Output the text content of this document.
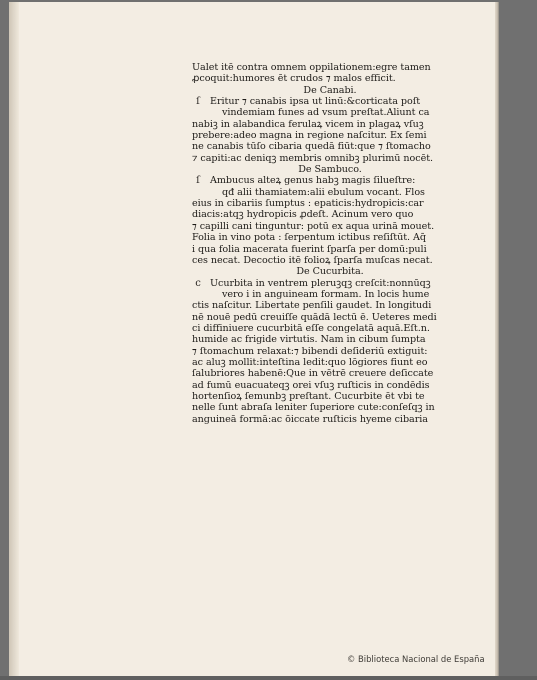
Ualet itē contra omnem oppilationem:egre tamen
ꝓcoquit:humores ēt crudos ⁊ malos efficit.
De Canabi.
ſ Eritur ⁊ canabis ipsa ut linū:&corticata poſt
vindemiam funes ad vsum preſtat.Aliunt ca
nabiꝫ in alabandica ferulaꝝ vicem in plagaꝝ vſuꝫ
prebere:adeo magna in regione naſcitur. Ex ſemi
ne canabis tūſo cibaria quedā fiūt:que ⁊ ſtomacho
⁊ capiti:ac deniqꝫ membris omnibꝫ plurimū nocēt.
De Sambuco.
ſ Ambucus alteꝝ genus habꝫ magis ſilueſtre:
qđ alii thamiatem:alii ebulum vocant. Flos
eius in cibariis ſumptus : epaticis:hydropicis:car
diacis:atqꝫ hydropicis ꝓdeſt. Acinum vero quo
⁊ capilli cani tinguntur: potū ex aqua urinā mouet.
Folia in vino pota : ſerpentum ictibus reſiſtūt. Aq̄
i qua folia macerata fuerint ſparſa per domū:puli
ces necat. Decoctio itē folioꝝ ſparſa muſcas necat.
De Cucurbita.
c Ucurbita in ventrem pleruꝫqꝫ creſcit:nonnūqꝫ
vero i in anguineam formam. In locis hume
ctis naſcitur. Libertate penſili gaudet. In longitudi
nē nouē pedū creuiſſe quādā lectū ē. Ueteres medi
ci diffiniuere cucurbitā eſſe congelatā aquā.Eſt.n.
humide ac frigide virtutis. Nam in cibum ſumpta
⁊ ſtomachum relaxat:⁊ bibendi deſideriū extiguit:
ac aluꝫ mollit:inteſtina ledit:quo lōgiores fiunt eo
ſalubriores habenē:Que in vētrē creuere deſiccate
ad fumū euacuateqꝫ orei vſuꝫ ruſticis in condēdis
hortenſioꝝ ſemunbꝫ preſtant. Cucurbite ēt vbi te
nelle ſunt abraſa leniter ſuperiore cute:conſeſqꝫ in
anguineā formā:ac ōiccate ruſticis hyeme cibaria
© Biblioteca Nacional de España
